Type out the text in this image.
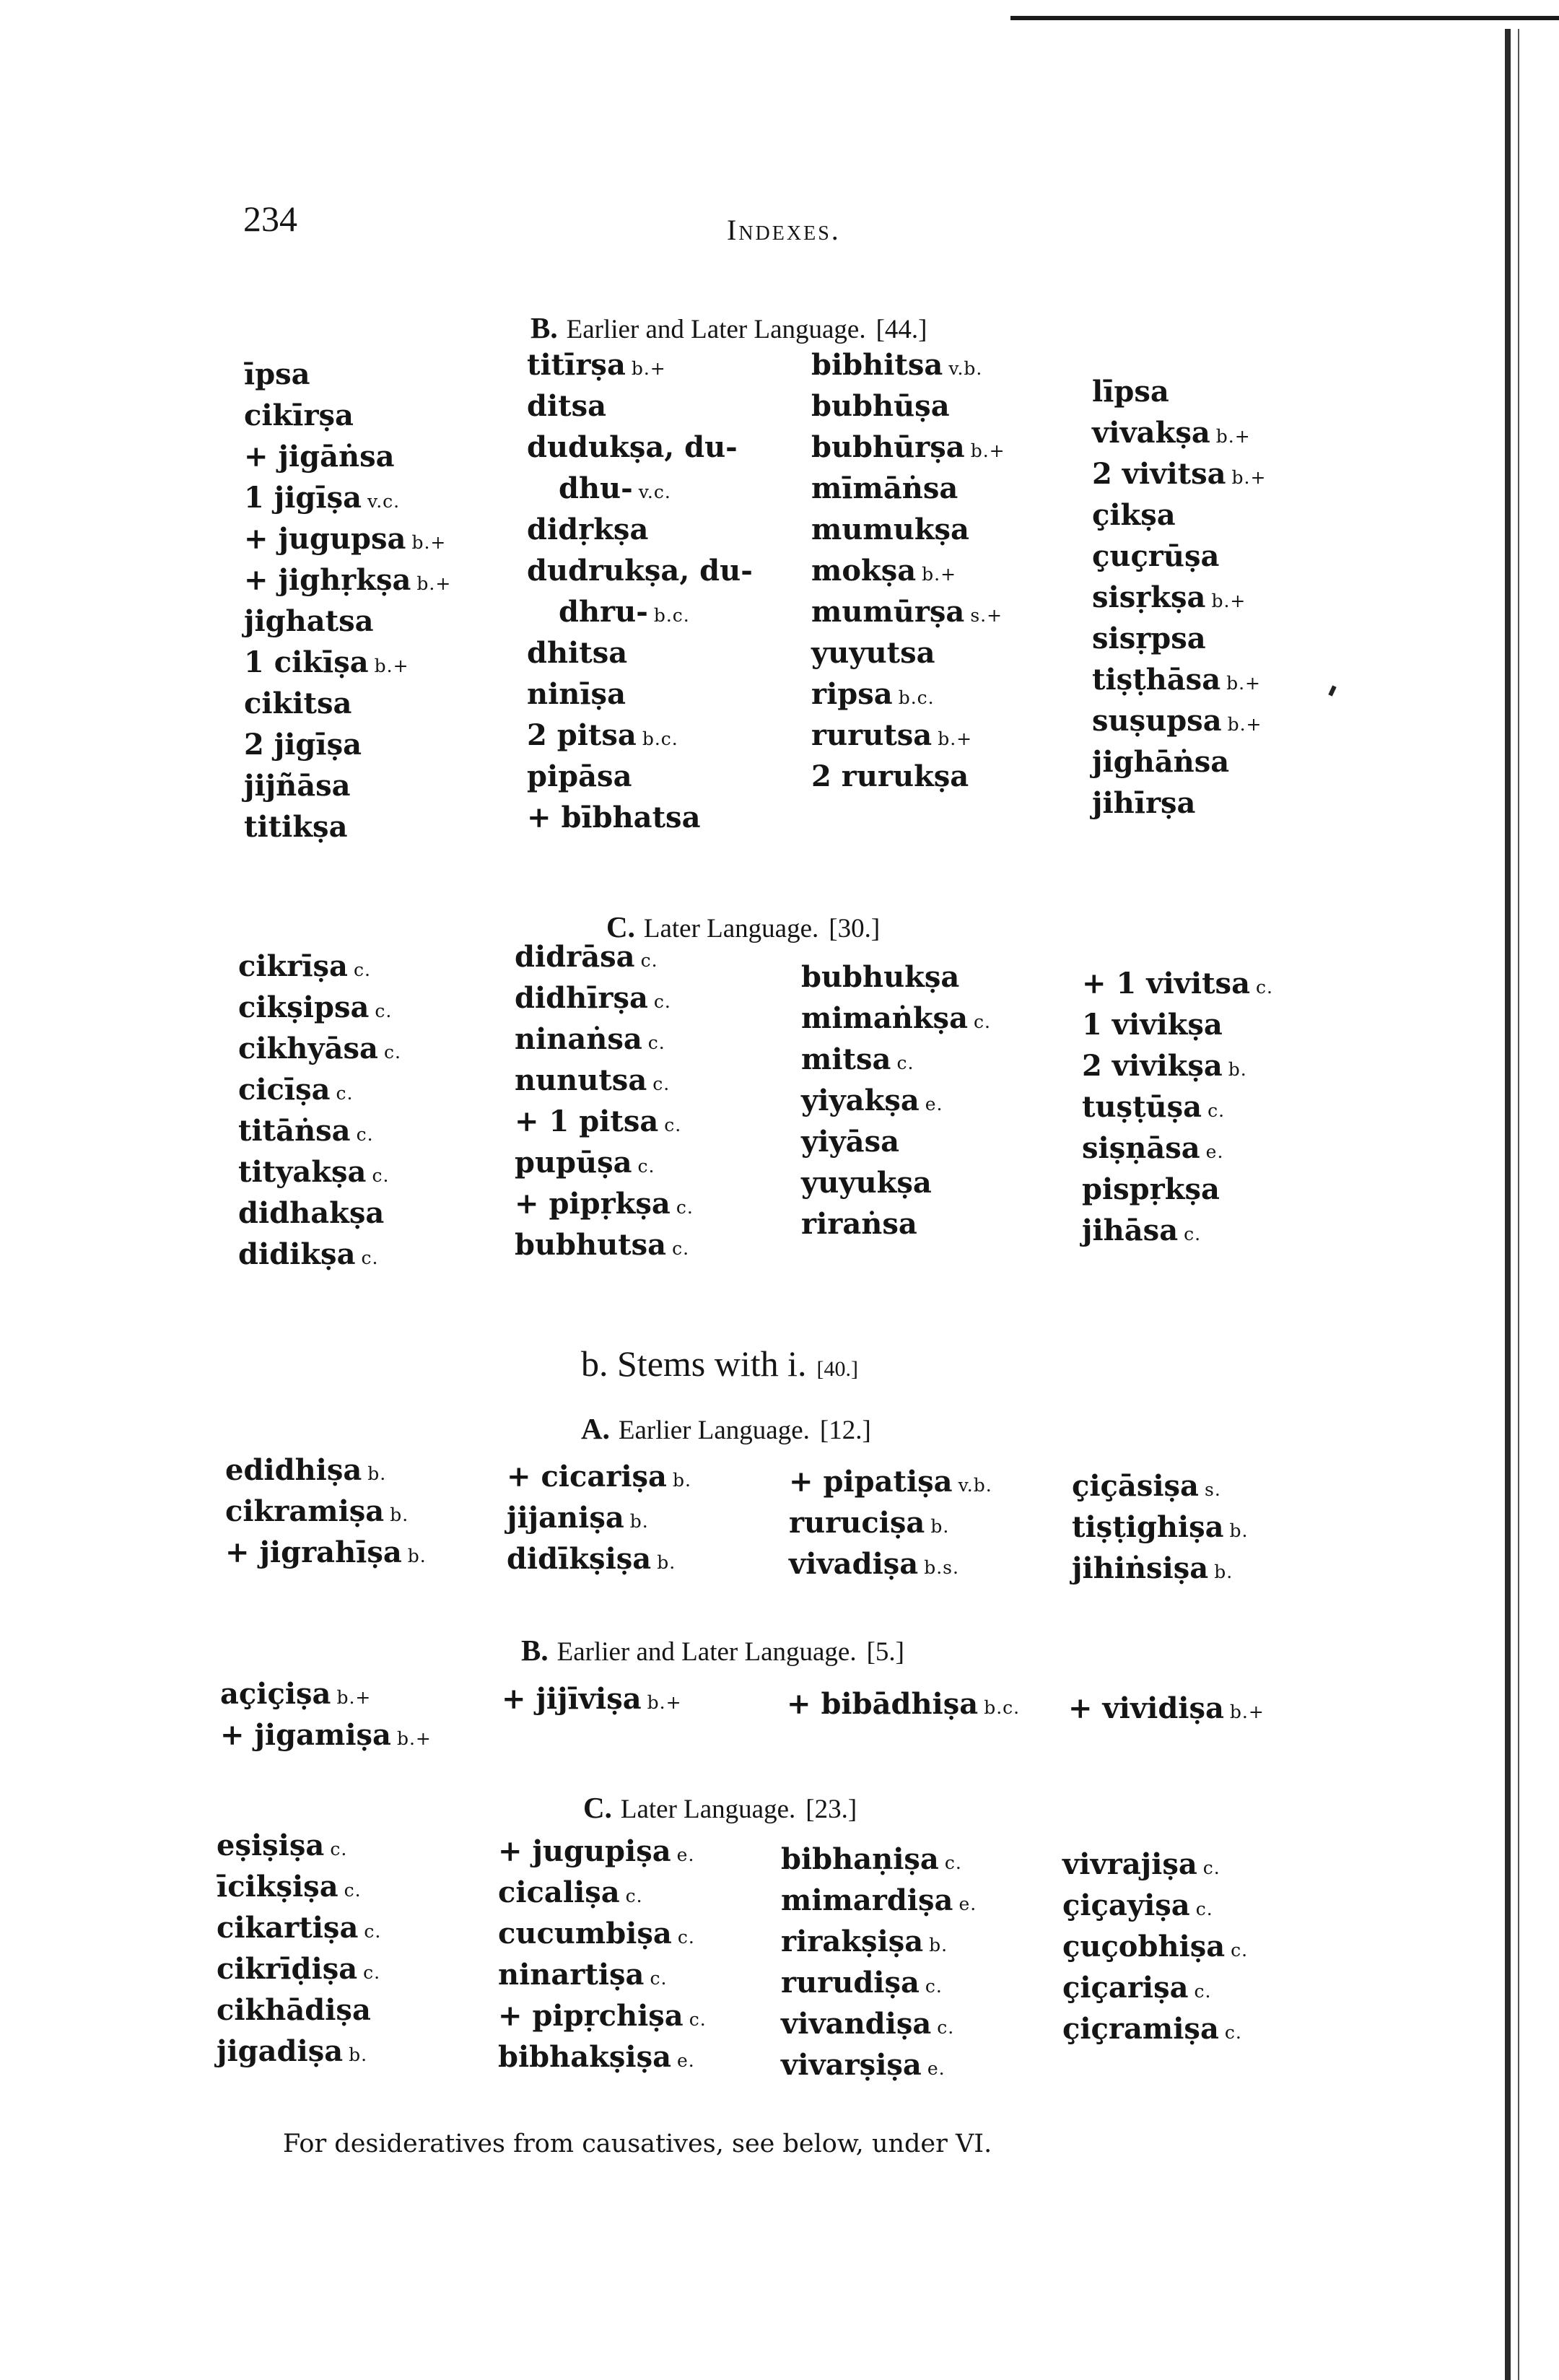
234	Indexes.
B. Earlier and Later Language. [44.]
īpsa
cikīrṣa
+ jigāṅsa
1 jigīṣa v.c.
+ jugupsa b.+
+ jighṛkṣa b.+
jighatsa
1 cikīṣa b.+
cikitsa
2 jigīṣa
jijñāsa
titikṣa
titīrṣa b.+
ditsa
dudukṣa, du-
dhu- v.c.
didṛkṣa
dudrukṣa, du-
dhru- b.c.
dhitsa
ninīṣa
2 pitsa b.c.
pipāsa
+ bībhatsa
bibhitsa v.b.
bubhūṣa
bubhūrṣa b.+
mīmāṅsa
mumukṣa
mokṣa b.+
mumūrṣa s.+
yuyutsa
ripsa b.c.
rurutsa b.+
2 rurukṣa
līpsa
vivakṣa b.+
2 vivitsa b.+
çikṣa
çuçrūṣa
sisṛkṣa b.+
sisṛpsa
tiṣṭhāsa b.+
suṣupsa b.+
jighāṅsa
jihīrṣa
C. Later Language. [30.]
cikrīṣa c.
cikṣipsa c.
cikhyāsa c.
cicīṣa c.
titāṅsa c.
tityakṣa c.
didhakṣa
didikṣa c.
didrāsa c.
didhīrṣa c.
ninaṅsa c.
nunutsa c.
+ 1 pitsa c.
pupūṣa c.
+ pipṛkṣa c.
bubhutsa c.
bubhukṣa
mimaṅkṣa c.
mitsa c.
yiyakṣa e.
yiyāsa
yuyukṣa
riraṅsa
+ 1 vivitsa c.
1 vivikṣa
2 vivikṣa b.
tuṣṭūṣa c.
siṣṇāsa e.
pispṛkṣa
jihāsa c.
b. Stems with i. [40.]
A. Earlier Language. [12.]
edidhiṣa b.
cikramiṣa b.
+ jigrahīṣa b.
+ cicariṣa b.
jijaniṣa b.
didīkṣiṣa b.
+ pipatiṣa v.b.
ruruciṣa b.
vivadiṣa b.s.
çiçāsiṣa s.
tiṣṭighiṣa b.
jihiṅsiṣa b.
B. Earlier and Later Language. [5.]
açiçiṣa b.+
+ jigamiṣa b.+
+ jijīviṣa b.+	+ bibādhiṣa b.c. + vividiṣa b.+
C. Later Language. [23.]
eṣiṣiṣa c.
īcikṣiṣa c.
cikartiṣa c.
cikrīḍiṣa c.
cikhādiṣa
jigadiṣa b.
+ jugupiṣa e.
cicaliṣa c.
cucumbiṣa c.
ninartiṣa c.
+ pipṛchiṣa c.
bibhakṣiṣa e.
bibhaṇiṣa c.
mimardiṣa e.
rirakṣiṣa b.
rurudiṣa c.
vivandiṣa c.
vivarṣiṣa e.
vivrajiṣa c.
çiçayiṣa c.
çuçobhiṣa c.
çiçariṣa c.
çiçramiṣa c.
For desideratives from causatives, see below, under VI.
